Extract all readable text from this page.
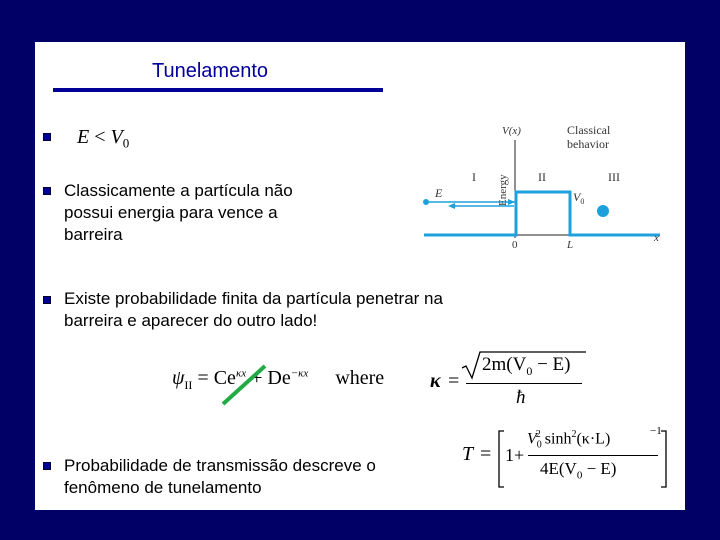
Tunelamento
$E < V_0$
Classicamente a partícula não
possui energia para vence a
barreira
Existe probabilidade finita da partícula penetrar na
barreira e aparecer do outro lado!
Probabilidade de transmissão descreve o
fenômeno de tunelamento
V(x)
Energy
Classical
behavior
I	II	III
E	$V_0$
0	L
x
$\psi_{II} = Ce^{\kappa x} + De^{-\kappa x}$ where κ =
$2m(V_0 - E)$
ħ
T = 1+
$V_0^2$ $\sinh^2(\kappa\cdot L)$
$4E(V_0 - E)$
−1
